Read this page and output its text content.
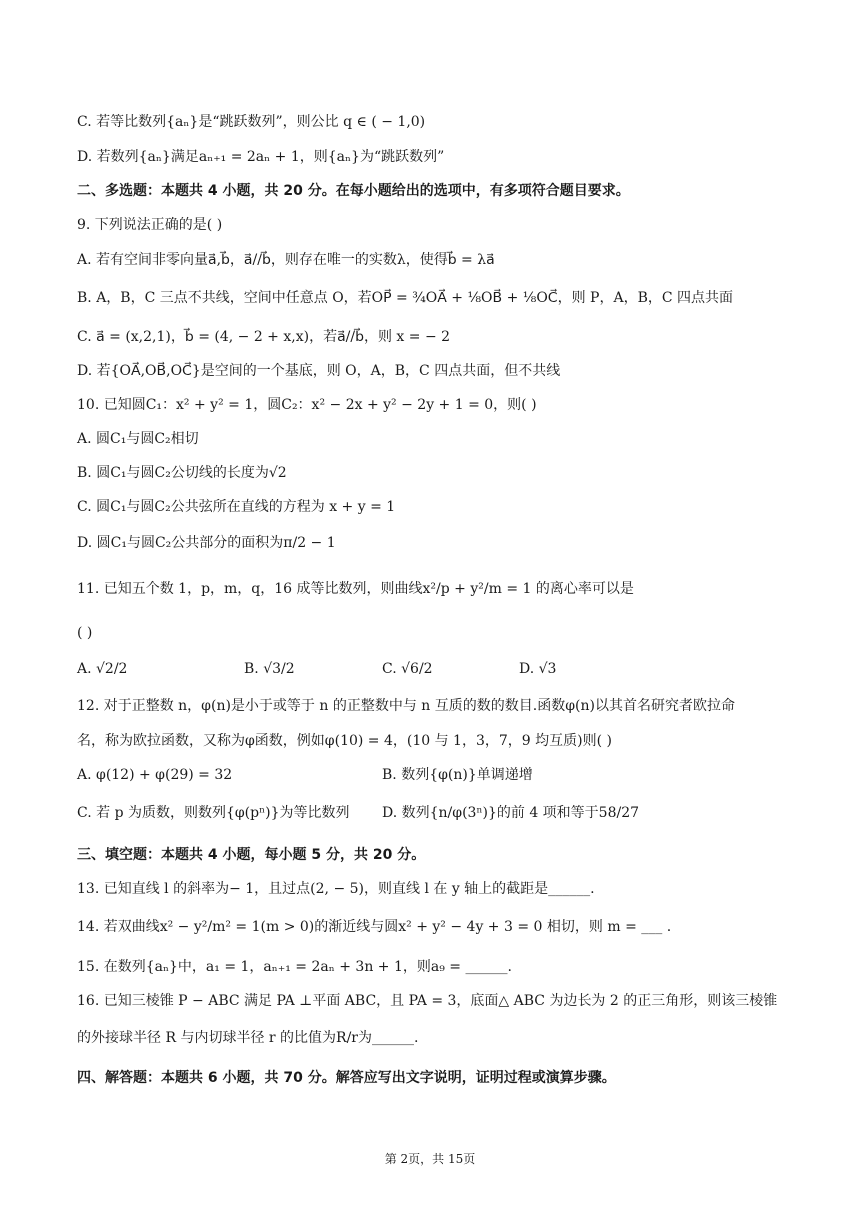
C. 若等比数列{aₙ}是“跳跃数列”，则公比 q ∈ ( − 1,0)
D. 若数列{aₙ}满足aₙ₊₁ = 2aₙ + 1，则{aₙ}为“跳跃数列”
二、多选题：本题共 4 小题，共 20 分。在每小题给出的选项中，有多项符合题目要求。
9. 下列说法正确的是( )
A. 若有空间非零向量a⃗,b⃗，a⃗//b⃗，则存在唯一的实数λ，使得b⃗ = λa⃗
B. A，B，C 三点不共线，空间中任意点 O，若OP⃗ = ¾OA⃗ + ⅛OB⃗ + ⅛OC⃗，则 P，A，B，C 四点共面
C. a⃗ = (x,2,1)，b⃗ = (4, − 2 + x,x)，若a⃗//b⃗，则 x = − 2
D. 若{OA⃗,OB⃗,OC⃗}是空间的一个基底，则 O，A，B，C 四点共面，但不共线
10. 已知圆C₁：x² + y² = 1，圆C₂：x² − 2x + y² − 2y + 1 = 0，则( )
A. 圆C₁与圆C₂相切
B. 圆C₁与圆C₂公切线的长度为√2
C. 圆C₁与圆C₂公共弦所在直线的方程为 x + y = 1
D. 圆C₁与圆C₂公共部分的面积为π/2 − 1
11. 已知五个数 1，p，m，q，16 成等比数列，则曲线x²/p + y²/m = 1 的离心率可以是
( )
A. √2/2	B. √3/2	C. √6/2	D. √3
12. 对于正整数 n，φ(n)是小于或等于 n 的正整数中与 n 互质的数的数目.函数φ(n)以其首名研究者欧拉命
名，称为欧拉函数，又称为φ函数，例如φ(10) = 4，(10 与 1，3，7，9 均互质)则( )
A. φ(12) + φ(29) = 32	B. 数列{φ(n)}单调递增
C. 若 p 为质数，则数列{φ(pⁿ)}为等比数列 D. 数列{n/φ(3ⁿ)}的前 4 项和等于58/27
三、填空题：本题共 4 小题，每小题 5 分，共 20 分。
13. 已知直线 l 的斜率为− 1，且过点(2, − 5)，则直线 l 在 y 轴上的截距是______.
14. 若双曲线x² − y²/m² = 1(m > 0)的渐近线与圆x² + y² − 4y + 3 = 0 相切，则 m = ___ .
15. 在数列{aₙ}中，a₁ = 1，aₙ₊₁ = 2aₙ + 3n + 1，则a₉ = ______.
16. 已知三棱锥 P − ABC 满足 PA ⊥平面 ABC，且 PA = 3，底面△ ABC 为边长为 2 的正三角形，则该三棱锥
的外接球半径 R 与内切球半径 r 的比值为R/r为______.
四、解答题：本题共 6 小题，共 70 分。解答应写出文字说明，证明过程或演算步骤。
第 2页，共 15页
